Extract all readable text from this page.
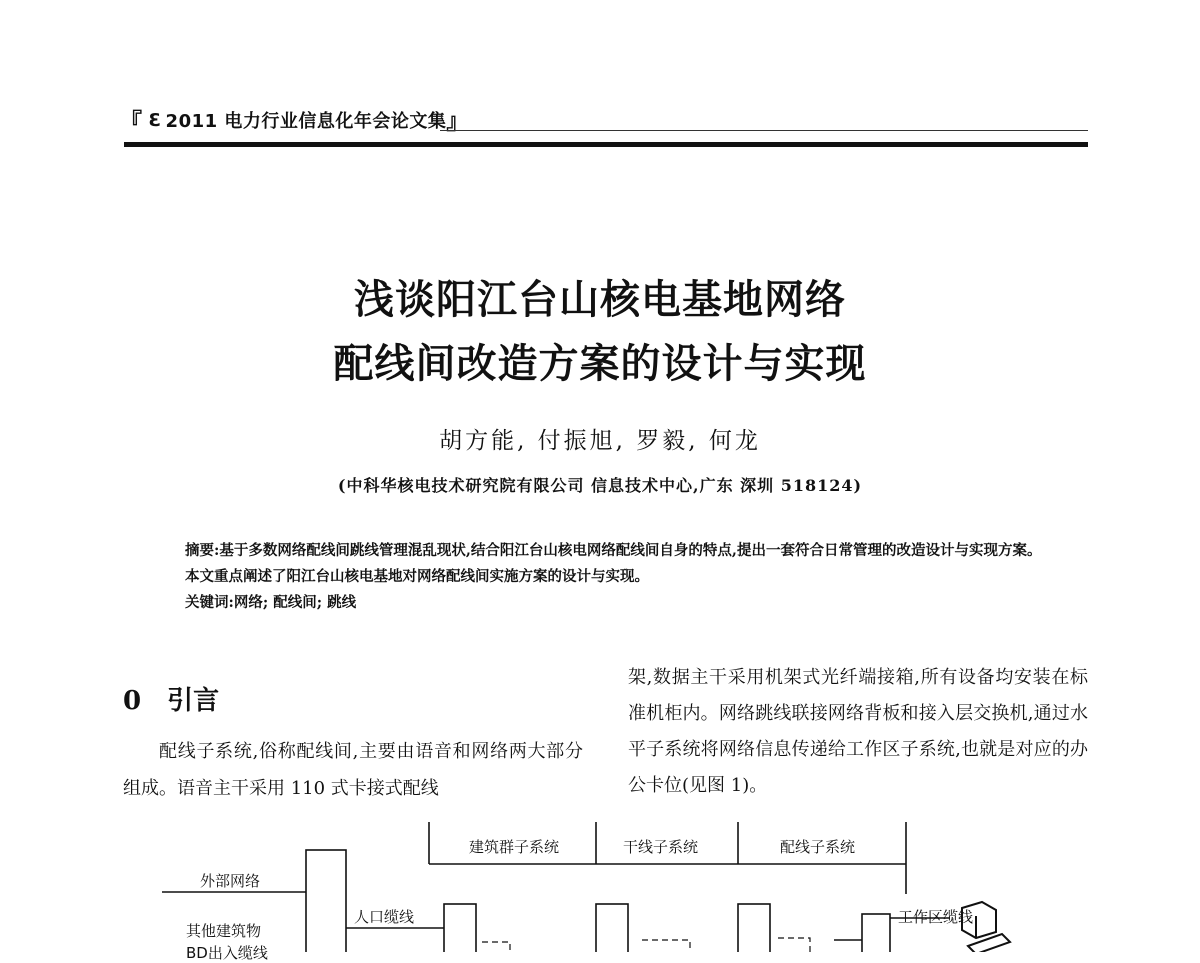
『 Ɛ 2011 电力行业信息化年会论文集 』
浅谈阳江台山核电基地网络
配线间改造方案的设计与实现
胡方能, 付振旭, 罗毅, 何龙
(中科华核电技术研究院有限公司 信息技术中心,广东 深圳 518124)
摘要:基于多数网络配线间跳线管理混乱现状,结合阳江台山核电网络配线间自身的特点,提出一套符合日常管理的改造设计与实现方案。本文重点阐述了阳江台山核电基地对网络配线间实施方案的设计与实现。
关键词:网络; 配线间; 跳线
0 引言

配线子系统,俗称配线间,主要由语音和网络两大部分组成。语音主干采用 110 式卡接式配线

架,数据主干采用机架式光纤端接箱,所有设备均安装在标准机柜内。网络跳线联接网络背板和接入层交换机,通过水平子系统将网络信息传递给工作区子系统,也就是对应的办公卡位(见图 1)。

建筑群子系统	干线子系统	配线子系统
外部网络
其他建筑物
BD出入缆线
人口缆线	工作区缆线
